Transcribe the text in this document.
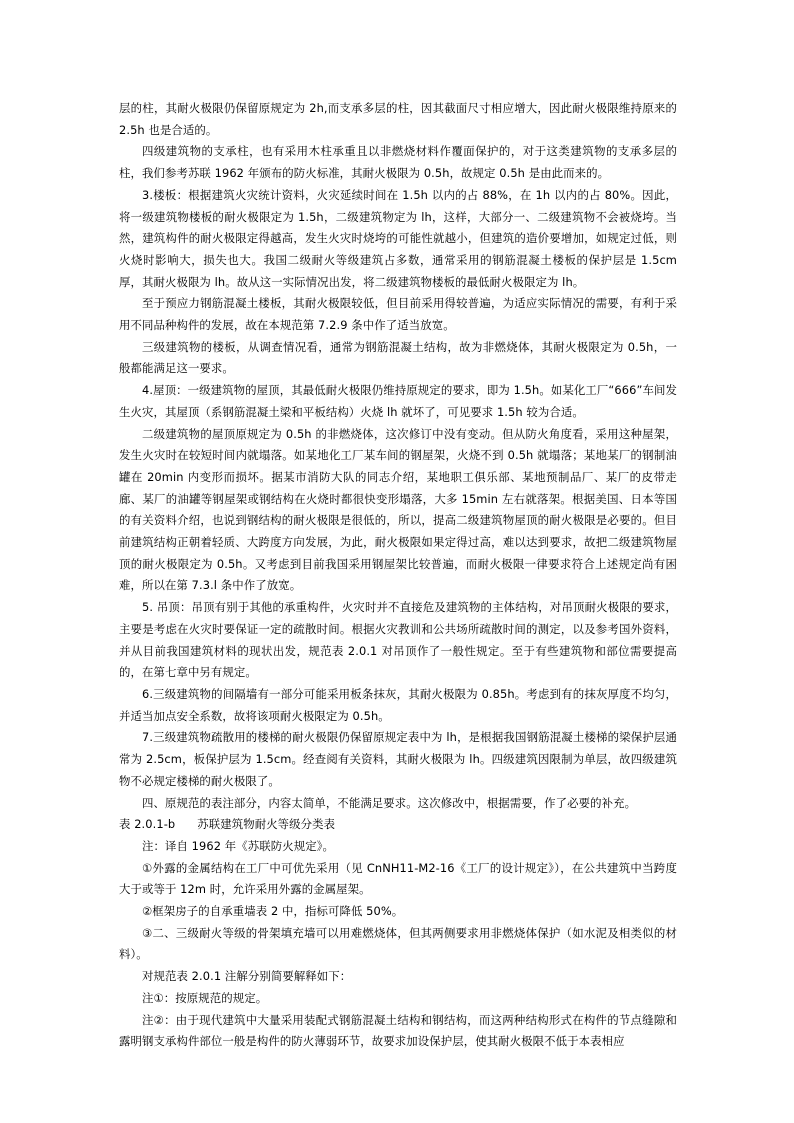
层的柱，其耐火极限仍保留原规定为 2h,而支承多层的柱，因其截面尺寸相应增大，因此耐火极限维持原来的 2.5h 也是合适的。

四级建筑物的支承柱，也有采用木柱承重且以非燃烧材料作覆面保护的，对于这类建筑物的支承多层的柱，我们参考苏联 1962 年颁布的防火标准，其耐火极限为 0.5h，故规定 0.5h 是由此而来的。

3.楼板：根据建筑火灾统计资料，火灾延续时间在 1.5h 以内的占 88%，在 1h 以内的占 80%。因此，将一级建筑物楼板的耐火极限定为 1.5h，二级建筑物定为 lh，这样，大部分一、二级建筑物不会被烧垮。当然，建筑构件的耐火极限定得越高，发生火灾时烧垮的可能性就越小，但建筑的造价要增加，如规定过低，则火烧时影响大，损失也大。我国二级耐火等级建筑占多数，通常采用的钢筋混凝土楼板的保护层是 1.5cm 厚，其耐火极限为 lh。故从这一实际情况出发，将二级建筑物楼板的最低耐火极限定为 lh。

至于预应力钢筋混凝土楼板，其耐火极限较低，但目前采用得较普遍，为适应实际情况的需要，有利于采用不同品种构件的发展，故在本规范第 7.2.9 条中作了适当放宽。

三级建筑物的楼板，从调查情况看，通常为钢筋混凝土结构，故为非燃烧体，其耐火极限定为 0.5h，一般都能满足这一要求。

4.屋顶：一级建筑物的屋顶，其最低耐火极限仍维持原规定的要求，即为 1.5h。如某化工厂“666”车间发生火灾，其屋顶（系钢筋混凝土梁和平板结构）火烧 lh 就坏了，可见要求 1.5h 较为合适。

二级建筑物的屋顶原规定为 0.5h 的非燃烧体，这次修订中没有变动。但从防火角度看，采用这种屋架，发生火灾时在较短时间内就塌落。如某地化工厂某车间的钢屋架，火烧不到 0.5h 就塌落；某地某厂的钢制油罐在 20min 内变形而损坏。据某市消防大队的同志介绍，某地职工俱乐部、某地预制品厂、某厂的皮带走廊、某厂的油罐等钢屋架或钢结构在火烧时都很快变形塌落，大多 15min 左右就落架。根据美国、日本等国的有关资料介绍，也说到钢结构的耐火极限是很低的，所以，提高二级建筑物屋顶的耐火极限是必要的。但目前建筑结构正朝着轻质、大跨度方向发展，为此，耐火极限如果定得过高，难以达到要求，故把二级建筑物屋顶的耐火极限定为 0.5h。又考虑到目前我国采用钢屋架比较普遍，而耐火极限一律要求符合上述规定尚有困难，所以在第 7.3.l 条中作了放宽。

5. 吊顶：吊顶有别于其他的承重构件，火灾时并不直接危及建筑物的主体结构，对吊顶耐火极限的要求，主要是考虑在火灾时要保证一定的疏散时间。根据火灾教训和公共场所疏散时间的测定，以及参考国外资料，并从目前我国建筑材料的现状出发，规范表 2.0.1 对吊顶作了一般性规定。至于有些建筑物和部位需要提高的，在第七章中另有规定。

6.三级建筑物的间隔墙有一部分可能采用板条抹灰，其耐火极限为 0.85h。考虑到有的抹灰厚度不均匀，并适当加点安全系数，故将该项耐火极限定为 0.5h。

7.三级建筑物疏散用的楼梯的耐火极限仍保留原规定表中为 lh，是根据我国钢筋混凝土楼梯的梁保护层通常为 2.5cm，板保护层为 1.5cm。经查阅有关资料，其耐火极限为 lh。四级建筑因限制为单层，故四级建筑物不必规定楼梯的耐火极限了。

四、原规范的表注部分，内容太简单，不能满足要求。这次修改中，根据需要，作了必要的补充。

表 2.0.1-b 苏联建筑物耐火等级分类表

注：译自 1962 年《苏联防火规定》。

①外露的金属结构在工厂中可优先采用（见 CnNH11-M2-16《工厂的设计规定》），在公共建筑中当跨度大于或等于 12m 时，允许采用外露的金属屋架。

②框架房子的自承重墙表 2 中，指标可降低 50%。

③二、三级耐火等级的骨架填充墙可以用难燃烧体，但其两侧要求用非燃烧体保护（如水泥及相类似的材料）。

对规范表 2.0.1 注解分别简要解释如下：

注①：按原规范的规定。

注②：由于现代建筑中大量采用装配式钢筋混凝土结构和钢结构，而这两种结构形式在构件的节点缝隙和露明钢支承构件部位一般是构件的防火薄弱环节，故要求加设保护层，使其耐火极限不低于本表相应
